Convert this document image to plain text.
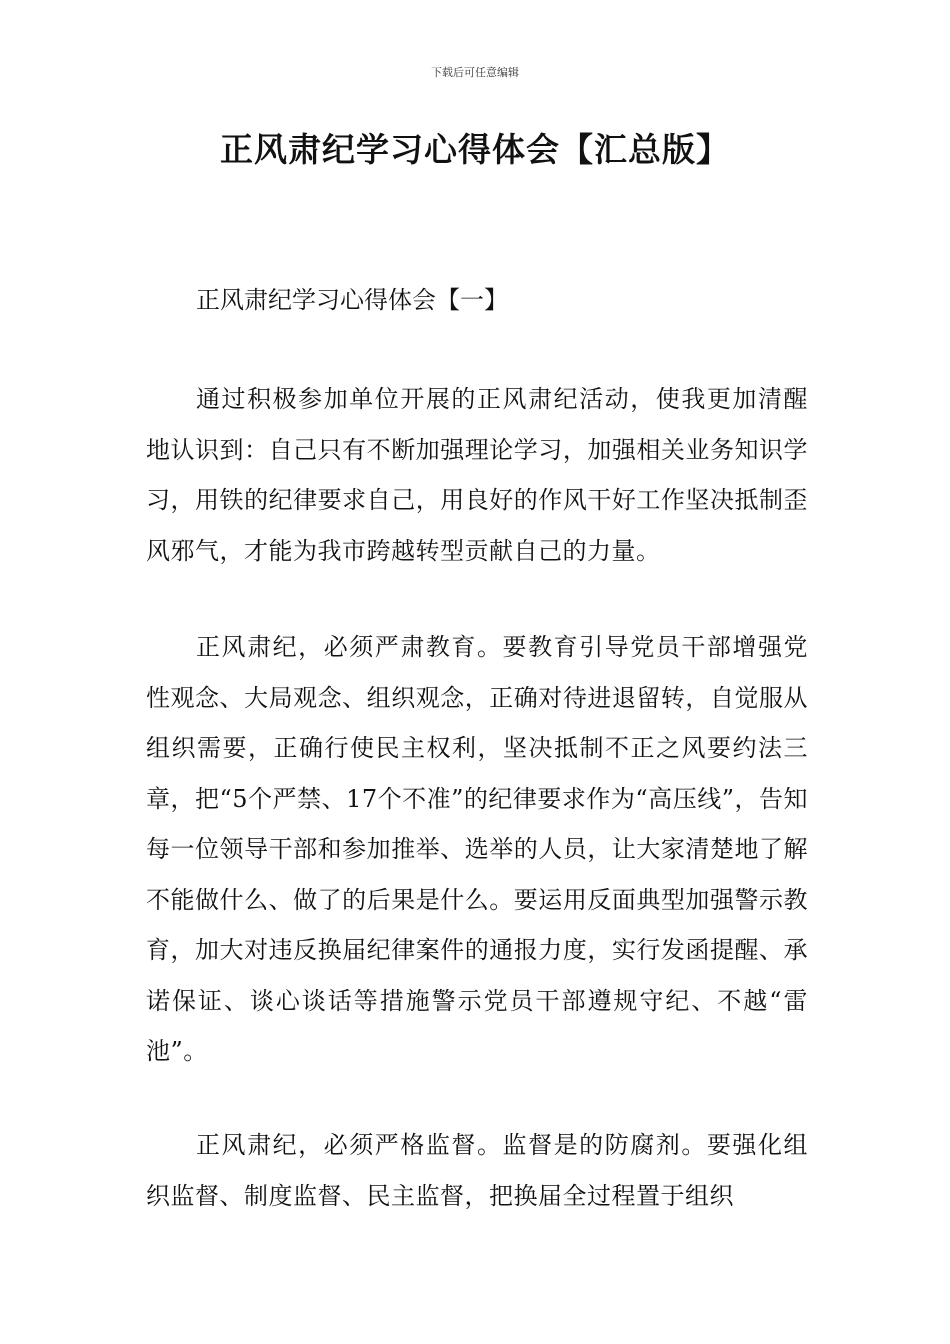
下载后可任意编辑
正风肃纪学习心得体会【汇总版】
正风肃纪学习心得体会【一】

通过积极参加单位开展的正风肃纪活动，使我更加清醒地认识到：自己只有不断加强理论学习，加强相关业务知识学习，用铁的纪律要求自己，用良好的作风干好工作坚决抵制歪风邪气，才能为我市跨越转型贡献自己的力量。

正风肃纪，必须严肃教育。要教育引导党员干部增强党性观念、大局观念、组织观念，正确对待进退留转，自觉服从组织需要，正确行使民主权利，坚决抵制不正之风要约法三章，把“5个严禁、17个不准”的纪律要求作为“高压线”，告知每一位领导干部和参加推举、选举的人员，让大家清楚地了解不能做什么、做了的后果是什么。要运用反面典型加强警示教育，加大对违反换届纪律案件的通报力度，实行发函提醒、承诺保证、谈心谈话等措施警示党员干部遵规守纪、不越“雷池”。

正风肃纪，必须严格监督。监督是的防腐剂。要强化组织监督、制度监督、民主监督，把换届全过程置于组织
